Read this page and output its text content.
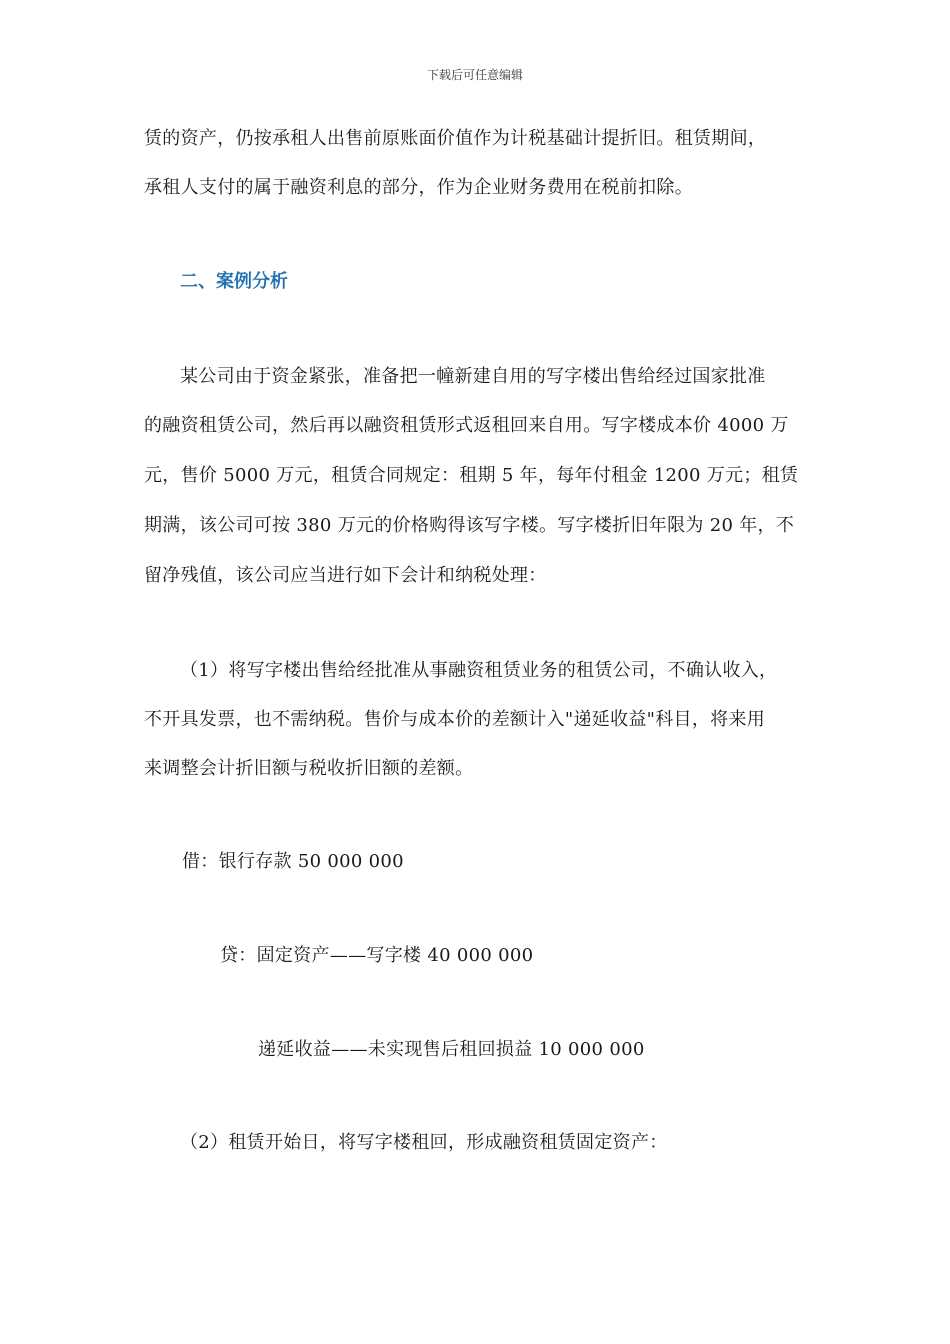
下载后可任意编辑
赁的资产，仍按承租人出售前原账面价值作为计税基础计提折旧。租赁期间，
承租人支付的属于融资利息的部分，作为企业财务费用在税前扣除。
二、案例分析
某公司由于资金紧张，准备把一幢新建自用的写字楼出售给经过国家批准
的融资租赁公司，然后再以融资租赁形式返租回来自用。写字楼成本价 4000 万
元，售价 5000 万元，租赁合同规定：租期 5 年，每年付租金 1200 万元；租赁
期满，该公司可按 380 万元的价格购得该写字楼。写字楼折旧年限为 20 年，不
留净残值，该公司应当进行如下会计和纳税处理：
（1）将写字楼出售给经批准从事融资租赁业务的租赁公司，不确认收入，
不开具发票，也不需纳税。售价与成本价的差额计入"递延收益"科目，将来用
来调整会计折旧额与税收折旧额的差额。
借：银行存款 50 000 000
贷：固定资产——写字楼 40 000 000
递延收益——未实现售后租回损益 10 000 000
（2）租赁开始日，将写字楼租回，形成融资租赁固定资产：
